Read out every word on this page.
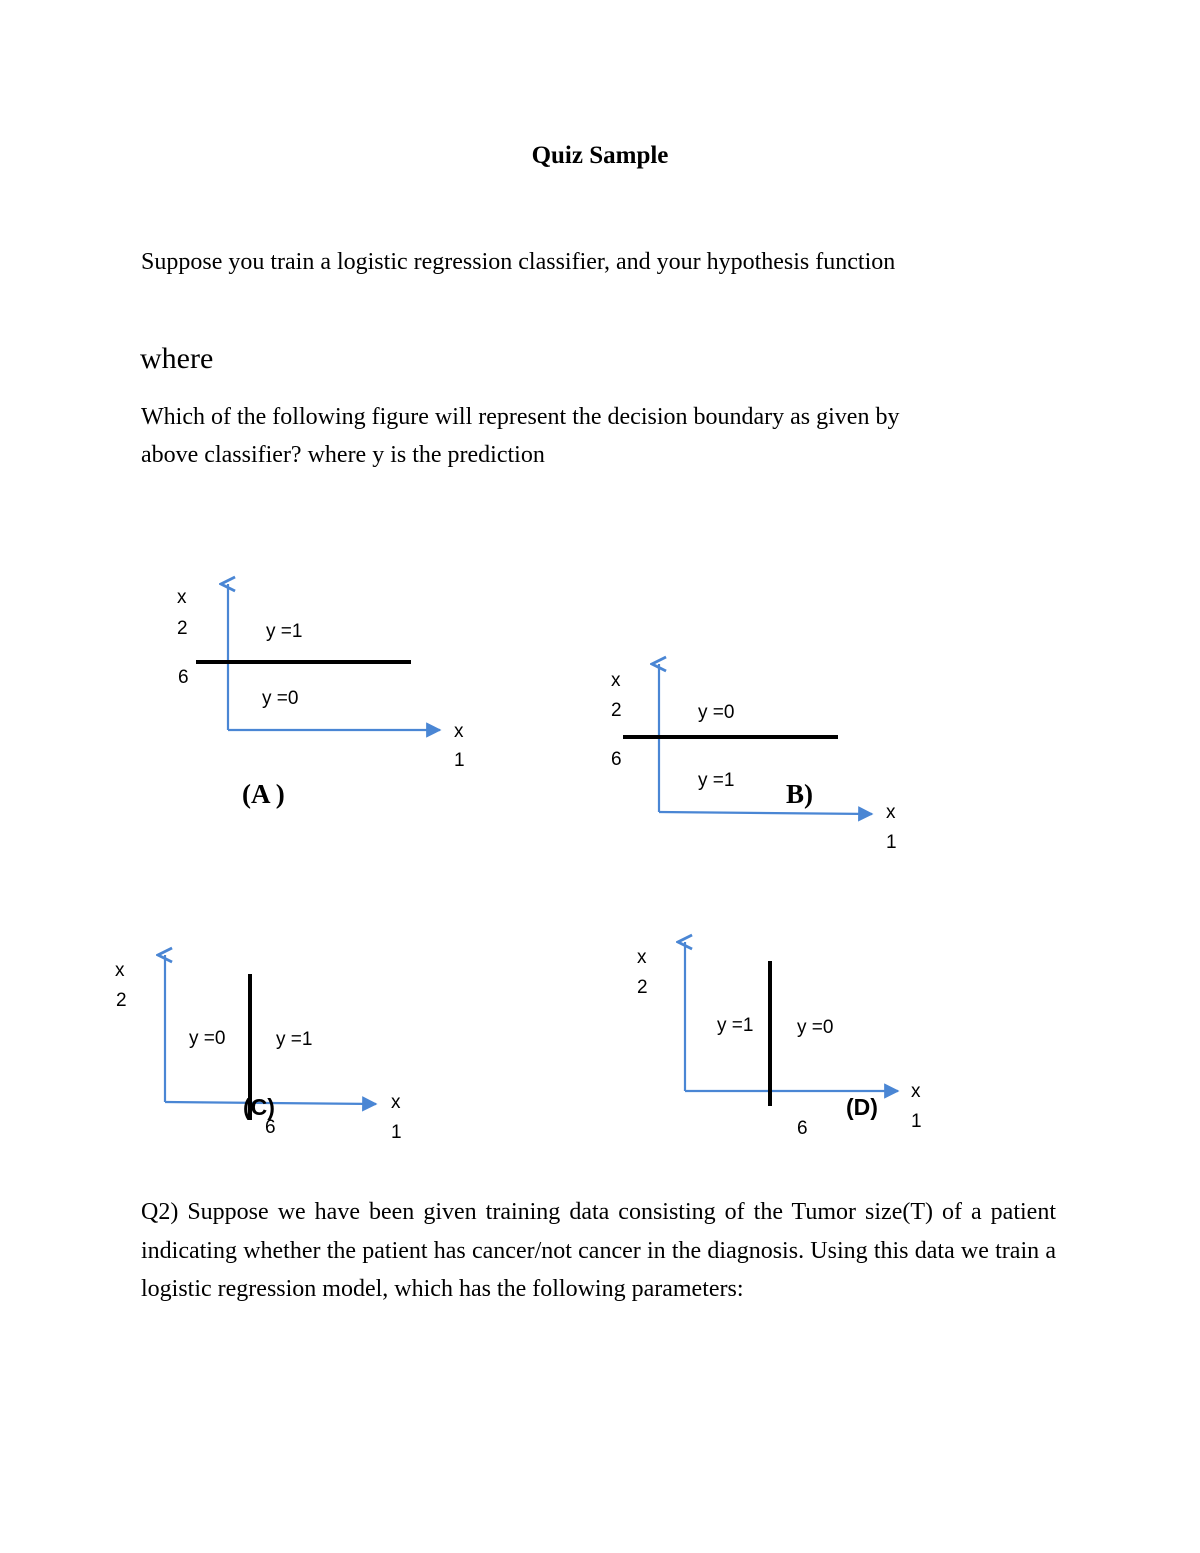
Quiz Sample
Suppose you train a logistic regression classifier, and your hypothesis function
where
Which of the following figure will represent the decision boundary as given by
above classifier? where y is the prediction
x
2
6
y =1
y =0
x
1
(A )
x
2
6
y =0
y =1
x
1
B)
x
2
y =0	y =1
6
(C)	x
1
x
2
y =1 y =0
6
(D)
x
1
Q2) Suppose we have been given training data consisting of the Tumor size(T) of a patient indicating whether the patient has cancer/not cancer in the diagnosis. Using this data we train a logistic regression model, which has the following parameters:
